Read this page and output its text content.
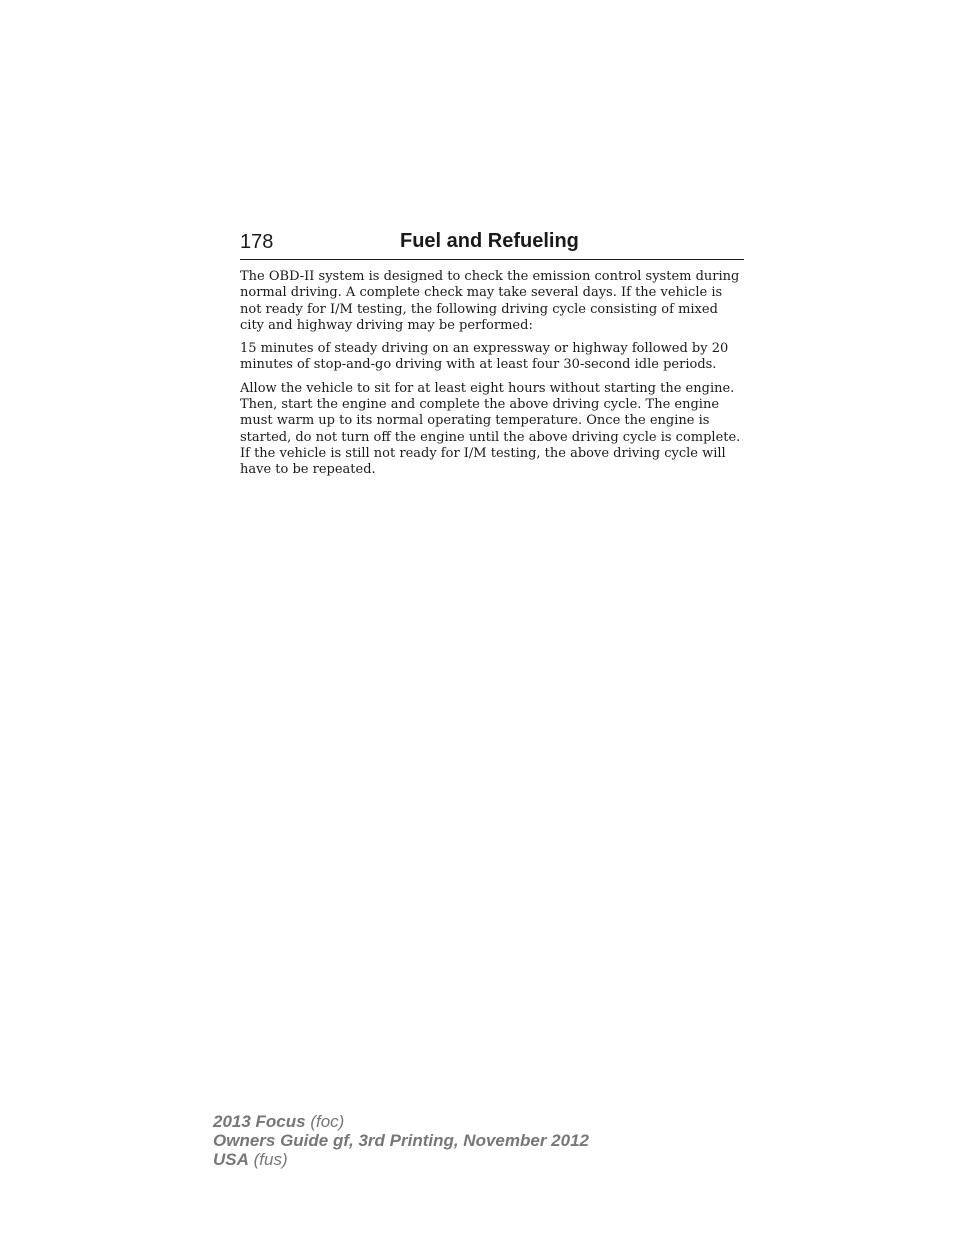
178	Fuel and Refueling

The OBD-II system is designed to check the emission control system during normal driving. A complete check may take several days. If the vehicle is not ready for I/M testing, the following driving cycle consisting of mixed city and highway driving may be performed:

15 minutes of steady driving on an expressway or highway followed by 20 minutes of stop-and-go driving with at least four 30-second idle periods.

Allow the vehicle to sit for at least eight hours without starting the engine. Then, start the engine and complete the above driving cycle. The engine must warm up to its normal operating temperature. Once the engine is started, do not turn off the engine until the above driving cycle is complete. If the vehicle is still not ready for I/M testing, the above driving cycle will have to be repeated.

2013 Focus (foc)
Owners Guide gf, 3rd Printing, November 2012
USA (fus)
